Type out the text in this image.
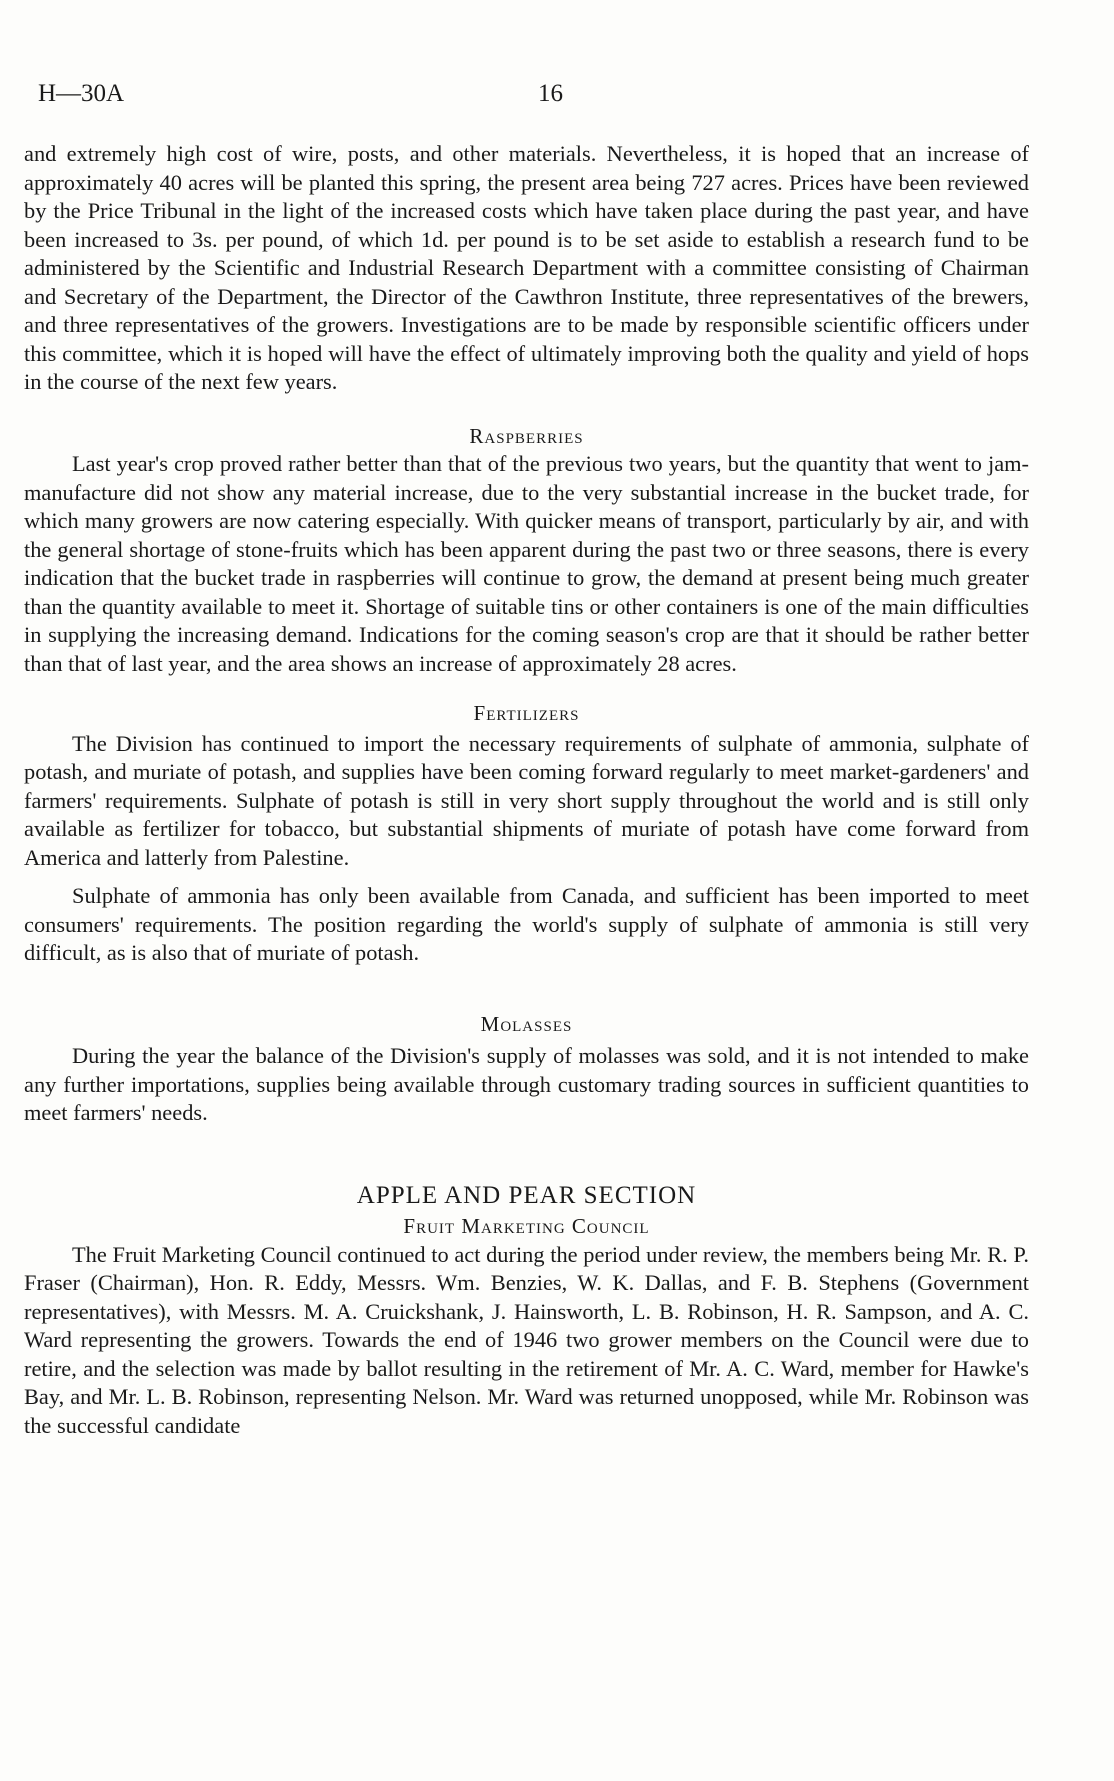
H—30A	16

and extremely high cost of wire, posts, and other materials. Nevertheless, it is hoped that an increase of approximately 40 acres will be planted this spring, the present area being 727 acres. Prices have been reviewed by the Price Tribunal in the light of the increased costs which have taken place during the past year, and have been increased to 3s. per pound, of which 1d. per pound is to be set aside to establish a research fund to be administered by the Scientific and Industrial Research Department with a committee consisting of Chairman and Secretary of the Department, the Director of the Cawthron Institute, three representatives of the brewers, and three representatives of the growers. Investigations are to be made by responsible scientific officers under this committee, which it is hoped will have the effect of ultimately improving both the quality and yield of hops in the course of the next few years.

Raspberries

Last year's crop proved rather better than that of the previous two years, but the quantity that went to jam-manufacture did not show any material increase, due to the very substantial increase in the bucket trade, for which many growers are now catering especially. With quicker means of transport, particularly by air, and with the general shortage of stone-fruits which has been apparent during the past two or three seasons, there is every indication that the bucket trade in raspberries will continue to grow, the demand at present being much greater than the quantity available to meet it. Shortage of suitable tins or other containers is one of the main difficulties in supplying the increasing demand. Indications for the coming season's crop are that it should be rather better than that of last year, and the area shows an increase of approximately 28 acres.

Fertilizers

The Division has continued to import the necessary requirements of sulphate of ammonia, sulphate of potash, and muriate of potash, and supplies have been coming forward regularly to meet market-gardeners' and farmers' requirements. Sulphate of potash is still in very short supply throughout the world and is still only available as fertilizer for tobacco, but substantial shipments of muriate of potash have come forward from America and latterly from Palestine.

Sulphate of ammonia has only been available from Canada, and sufficient has been imported to meet consumers' requirements. The position regarding the world's supply of sulphate of ammonia is still very difficult, as is also that of muriate of potash.

Molasses

During the year the balance of the Division's supply of molasses was sold, and it is not intended to make any further importations, supplies being available through customary trading sources in sufficient quantities to meet farmers' needs.

APPLE AND PEAR SECTION

Fruit Marketing Council

The Fruit Marketing Council continued to act during the period under review, the members being Mr. R. P. Fraser (Chairman), Hon. R. Eddy, Messrs. Wm. Benzies, W. K. Dallas, and F. B. Stephens (Government representatives), with Messrs. M. A. Cruickshank, J. Hainsworth, L. B. Robinson, H. R. Sampson, and A. C. Ward representing the growers. Towards the end of 1946 two grower members on the Council were due to retire, and the selection was made by ballot resulting in the retirement of Mr. A. C. Ward, member for Hawke's Bay, and Mr. L. B. Robinson, representing Nelson. Mr. Ward was returned unopposed, while Mr. Robinson was the successful candidate
